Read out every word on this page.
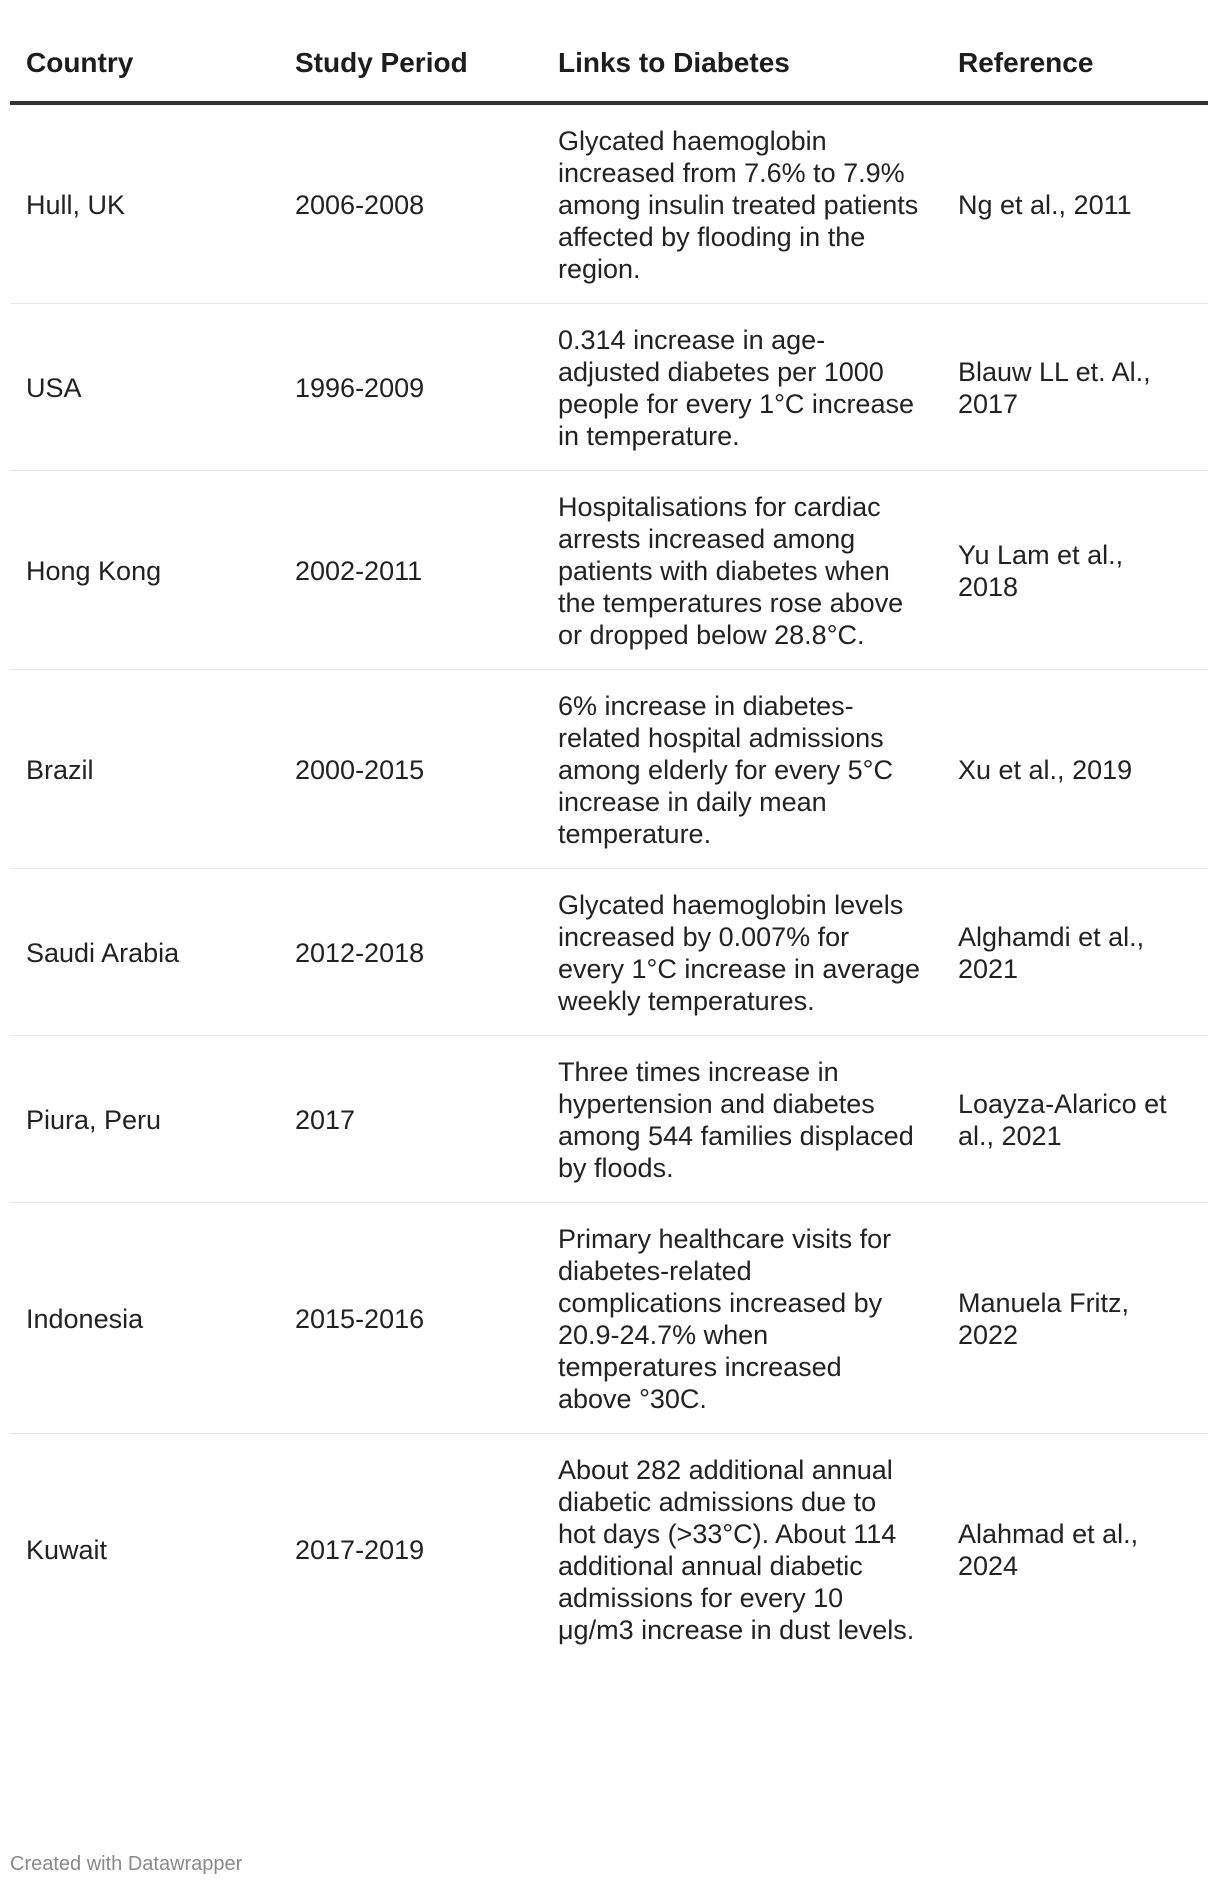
Country	Study Period	Links to Diabetes	Reference
Hull, UK	2006-2008	Glycated haemoglobin increased from 7.6% to 7.9% among insulin treated patients affected by flooding in the region.	Ng et al., 2011
USA	1996-2009	0.314 increase in age-adjusted diabetes per 1000 people for every 1°C increase in temperature.	Blauw LL et. Al., 2017
Hong Kong	2002-2011	Hospitalisations for cardiac arrests increased among patients with diabetes when the temperatures rose above or dropped below 28.8°C.	Yu Lam et al., 2018
Brazil	2000-2015	6% increase in diabetes-related hospital admissions among elderly for every 5°C increase in daily mean temperature.	Xu et al., 2019
Saudi Arabia	2012-2018	Glycated haemoglobin levels increased by 0.007% for every 1°C increase in average weekly temperatures.	Alghamdi et al., 2021
Piura, Peru	2017	Three times increase in hypertension and diabetes among 544 families displaced by floods.	Loayza-Alarico et al., 2021
Indonesia	2015-2016	Primary healthcare visits for diabetes-related complications increased by 20.9-24.7% when temperatures increased above °30C.	Manuela Fritz, 2022
Kuwait	2017-2019	About 282 additional annual diabetic admissions due to hot days (>33°C). About 114 additional annual diabetic admissions for every 10 μg/m3 increase in dust levels.	Alahmad et al., 2024
Created with Datawrapper
